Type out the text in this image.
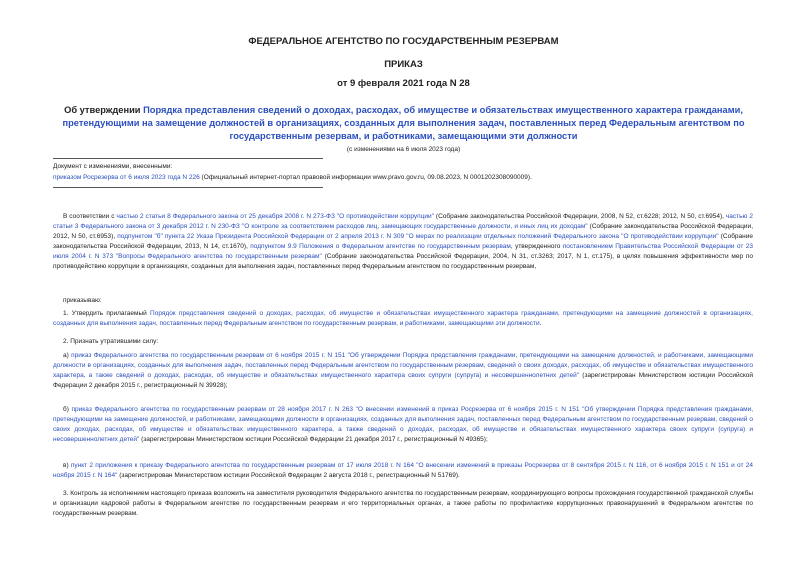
ФЕДЕРАЛЬНОЕ АГЕНТСТВО ПО ГОСУДАРСТВЕННЫМ РЕЗЕРВАМ
ПРИКАЗ
от 9 февраля 2021 года N 28
Об утверждении Порядка представления сведений о доходах, расходах, об имуществе и обязательствах имущественного характера гражданами, претендующими на замещение должностей в организациях, созданных для выполнения задач, поставленных перед Федеральным агентством по государственным резервам, и работниками, замещающими эти должности
(с изменениями на 6 июля 2023 года)
Документ с изменениями, внесенными:
приказом Росрезерва от 6 июля 2023 года N 226 (Официальный интернет-портал правовой информации www.pravo.gov.ru, 09.08.2023, N 0001202308090009).
В соответствии с частью 2 статьи 8 Федерального закона от 25 декабря 2008 г. N 273-ФЗ "О противодействии коррупции" (Собрание законодательства Российской Федерации, 2008, N 52, ст.6228; 2012, N 50, ст.6954), частью 2 статьи 3 Федерального закона от 3 декабря 2012 г. N 230-ФЗ "О контроле за соответствием расходов лиц, замещающих государственные должности, и иных лиц их доходам" (Собрание законодательства Российской Федерации, 2012, N 50, ст.6953), подпунктом "б" пункта 22 Указа Президента Российской Федерации от 2 апреля 2013 г. N 309 "О мерах по реализации отдельных положений Федерального закона "О противодействии коррупции" (Собрание законодательства Российской Федерации, 2013, N 14, ст.1670), подпунктом 9.9 Положения о Федеральном агентстве по государственным резервам, утвержденного постановлением Правительства Российской Федерации от 23 июля 2004 г. N 373 "Вопросы Федерального агентства по государственным резервам" (Собрание законодательства Российской Федерации, 2004, N 31, ст.3263; 2017, N 1, ст.175), в целях повышения эффективности мер по противодействию коррупции в организациях, созданных для выполнения задач, поставленных перед Федеральным агентством по государственным резервам,
приказываю:
1. Утвердить прилагаемый Порядок представления сведений о доходах, расходах, об имуществе и обязательствах имущественного характера гражданами, претендующими на замещение должностей в организациях, созданных для выполнения задач, поставленных перед Федеральным агентством по государственным резервам, и работниками, замещающими эти должности.
2. Признать утратившими силу:
а) приказ Федерального агентства по государственным резервам от 6 ноября 2015 г. N 151 "Об утверждении Порядка представления гражданами, претендующими на замещение должностей, и работниками, замещающими должности в организациях, созданных для выполнения задач, поставленных перед Федеральным агентством по государственным резервам, сведений о своих доходах, расходах, об имуществе и обязательствах имущественного характера, а также сведений о доходах, расходах, об имуществе и обязательствах имущественного характера своих супруги (супруга) и несовершеннолетних детей" (зарегистрирован Министерством юстиции Российской Федерации 2 декабря 2015 г., регистрационный N 39928);
б) приказ Федерального агентства по государственным резервам от 28 ноября 2017 г. N 263 "О внесении изменений в приказ Росрезерва от 6 ноября 2015 г. N 151 "Об утверждении Порядка представления гражданами, претендующими на замещение должностей, и работниками, замещающими должности в организациях, созданных для выполнения задач, поставленных перед Федеральным агентством по государственным резервам, сведений о своих доходах, расходах, об имуществе и обязательствах имущественного характера, а также сведений о доходах, расходах, об имуществе и обязательствах имущественного характера своих супруги (супруга) и несовершеннолетних детей" (зарегистрирован Министерством юстиции Российской Федерации 21 декабря 2017 г., регистрационный N 49365);
в) пункт 2 приложения к приказу Федерального агентства по государственным резервам от 17 июля 2018 г. N 164 "О внесении изменений в приказы Росрезерва от 8 сентября 2015 г. N 116, от 6 ноября 2015 г. N 151 и от 24 ноября 2015 г. N 164" (зарегистрирован Министерством юстиции Российской Федерации 2 августа 2018 г., регистрационный N 51769).
3. Контроль за исполнением настоящего приказа возложить на заместителя руководителя Федерального агентства по государственным резервам, координирующего вопросы прохождения государственной гражданской службы и организации кадровой работы в Федеральном агентстве по государственным резервам и его территориальных органах, а также работы по профилактике коррупционных правонарушений в Федеральном агентстве по государственным резервам.
